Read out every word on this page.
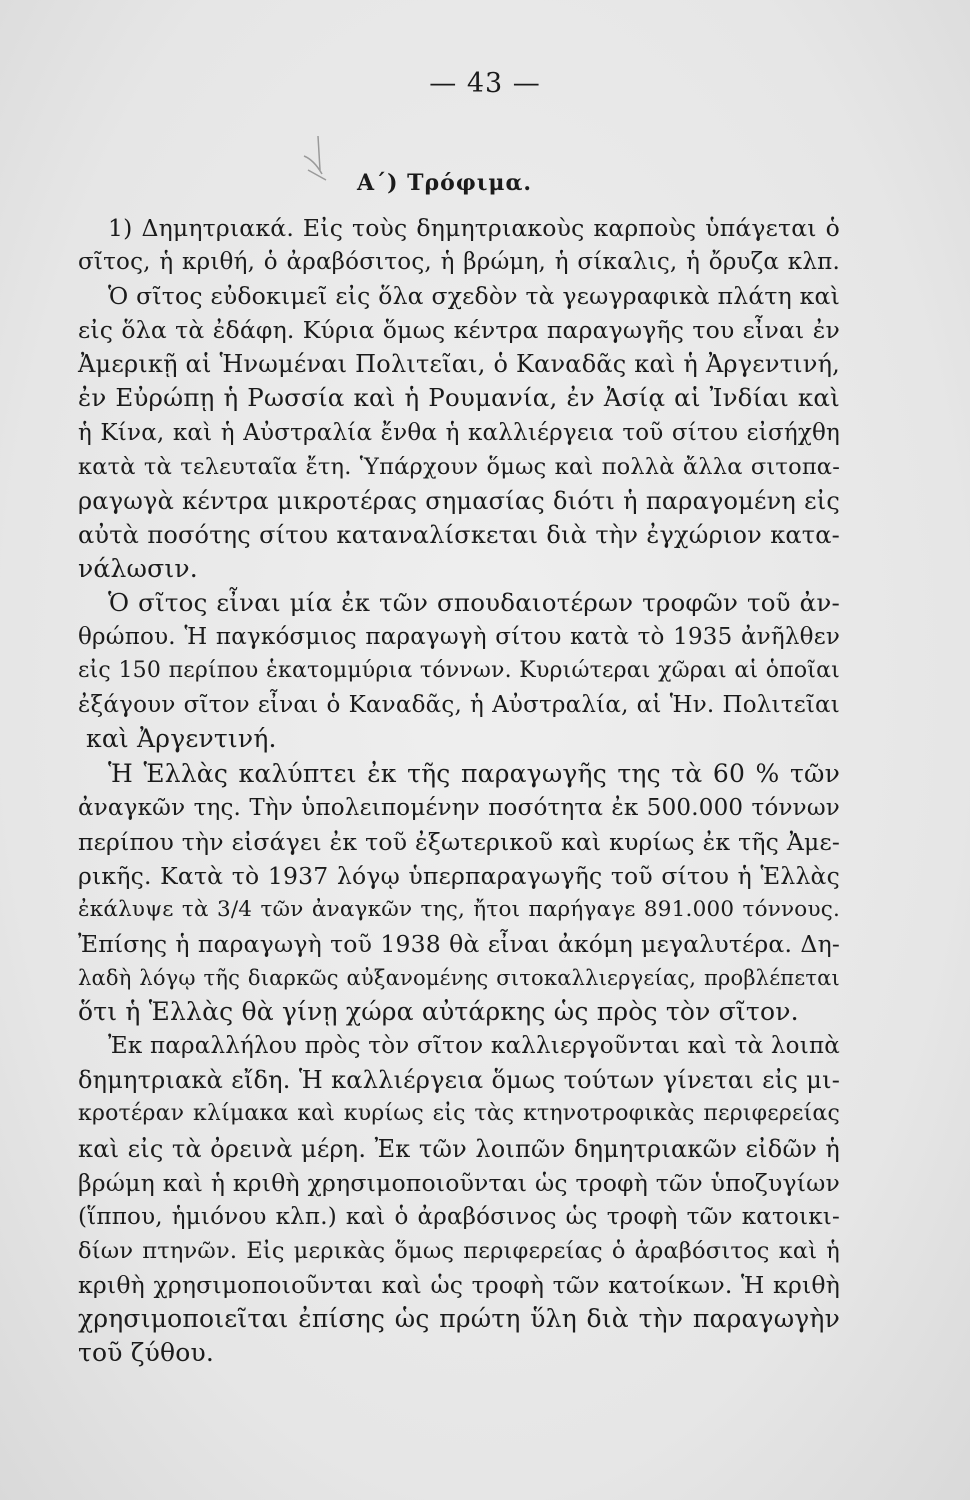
— 43 —
Α΄) Τρόφιμα.
1) Δημητριακά. Εἰς τοὺς δημητριακοὺς καρποὺς ὑπάγεται ὁ
σῖτος, ἡ κριθή, ὁ ἀραβόσιτος, ἡ βρώμη, ἡ σίκαλις, ἡ ὄρυζα κλπ.
Ὁ σῖτος εὐδοκιμεῖ εἰς ὅλα σχεδὸν τὰ γεωγραφικὰ πλάτη καὶ
εἰς ὅλα τὰ ἐδάφη. Κύρια ὅμως κέντρα παραγωγῆς του εἶναι ἐν
Ἀμερικῇ αἱ Ἡνωμέναι Πολιτεῖαι, ὁ Καναδᾶς καὶ ἡ Ἀργεντινή,
ἐν Εὐρώπῃ ἡ Ρωσσία καὶ ἡ Ρουμανία, ἐν Ἀσίᾳ αἱ Ἰνδίαι καὶ
ἡ Κίνα, καὶ ἡ Αὐστραλία ἔνθα ἡ καλλιέργεια τοῦ σίτου εἰσήχθη
κατὰ τὰ τελευταῖα ἔτη. Ὑπάρχουν ὅμως καὶ πολλὰ ἄλλα σιτοπα-
ραγωγὰ κέντρα μικροτέρας σημασίας διότι ἡ παραγομένη εἰς
αὐτὰ ποσότης σίτου καταναλίσκεται διὰ τὴν ἐγχώριον κατα-
νάλωσιν.
Ὁ σῖτος εἶναι μία ἐκ τῶν σπουδαιοτέρων τροφῶν τοῦ ἀν-
θρώπου. Ἡ παγκόσμιος παραγωγὴ σίτου κατὰ τὸ 1935 ἀνῆλθεν
εἰς 150 περίπου ἑκατομμύρια τόννων. Κυριώτεραι χῶραι αἱ ὁποῖαι
ἐξάγουν σῖτον εἶναι ὁ Καναδᾶς, ἡ Αὐστραλία, αἱ Ἡν. Πολιτεῖαι
καὶ Ἀργεντινή.
Ἡ Ἑλλὰς καλύπτει ἐκ τῆς παραγωγῆς της τὰ 60 % τῶν
ἀναγκῶν της. Τὴν ὑπολειπομένην ποσότητα ἐκ 500.000 τόννων
περίπου τὴν εἰσάγει ἐκ τοῦ ἐξωτερικοῦ καὶ κυρίως ἐκ τῆς Ἀμε-
ρικῆς. Κατὰ τὸ 1937 λόγῳ ὑπερπαραγωγῆς τοῦ σίτου ἡ Ἑλλὰς
ἐκάλυψε τὰ 3/4 τῶν ἀναγκῶν της, ἤτοι παρήγαγε 891.000 τόννους.
Ἐπίσης ἡ παραγωγὴ τοῦ 1938 θὰ εἶναι ἀκόμη μεγαλυτέρα. Δη-
λαδὴ λόγῳ τῆς διαρκῶς αὐξανομένης σιτοκαλλιεργείας, προβλέπεται
ὅτι ἡ Ἑλλὰς θὰ γίνῃ χώρα αὐτάρκης ὡς πρὸς τὸν σῖτον.
Ἐκ παραλλήλου πρὸς τὸν σῖτον καλλιεργοῦνται καὶ τὰ λοιπὰ
δημητριακὰ εἴδη. Ἡ καλλιέργεια ὅμως τούτων γίνεται εἰς μι-
κροτέραν κλίμακα καὶ κυρίως εἰς τὰς κτηνοτροφικὰς περιφερείας
καὶ εἰς τὰ ὀρεινὰ μέρη. Ἐκ τῶν λοιπῶν δημητριακῶν εἰδῶν ἡ
βρώμη καὶ ἡ κριθὴ χρησιμοποιοῦνται ὡς τροφὴ τῶν ὑποζυγίων
(ἵππου, ἡμιόνου κλπ.) καὶ ὁ ἀραβόσινος ὡς τροφὴ τῶν κατοικι-
δίων πτηνῶν. Εἰς μερικὰς ὅμως περιφερείας ὁ ἀραβόσιτος καὶ ἡ
κριθὴ χρησιμοποιοῦνται καὶ ὡς τροφὴ τῶν κατοίκων. Ἡ κριθὴ
χρησιμοποιεῖται ἐπίσης ὡς πρώτη ὕλη διὰ τὴν παραγωγὴν
τοῦ ζύθου.
